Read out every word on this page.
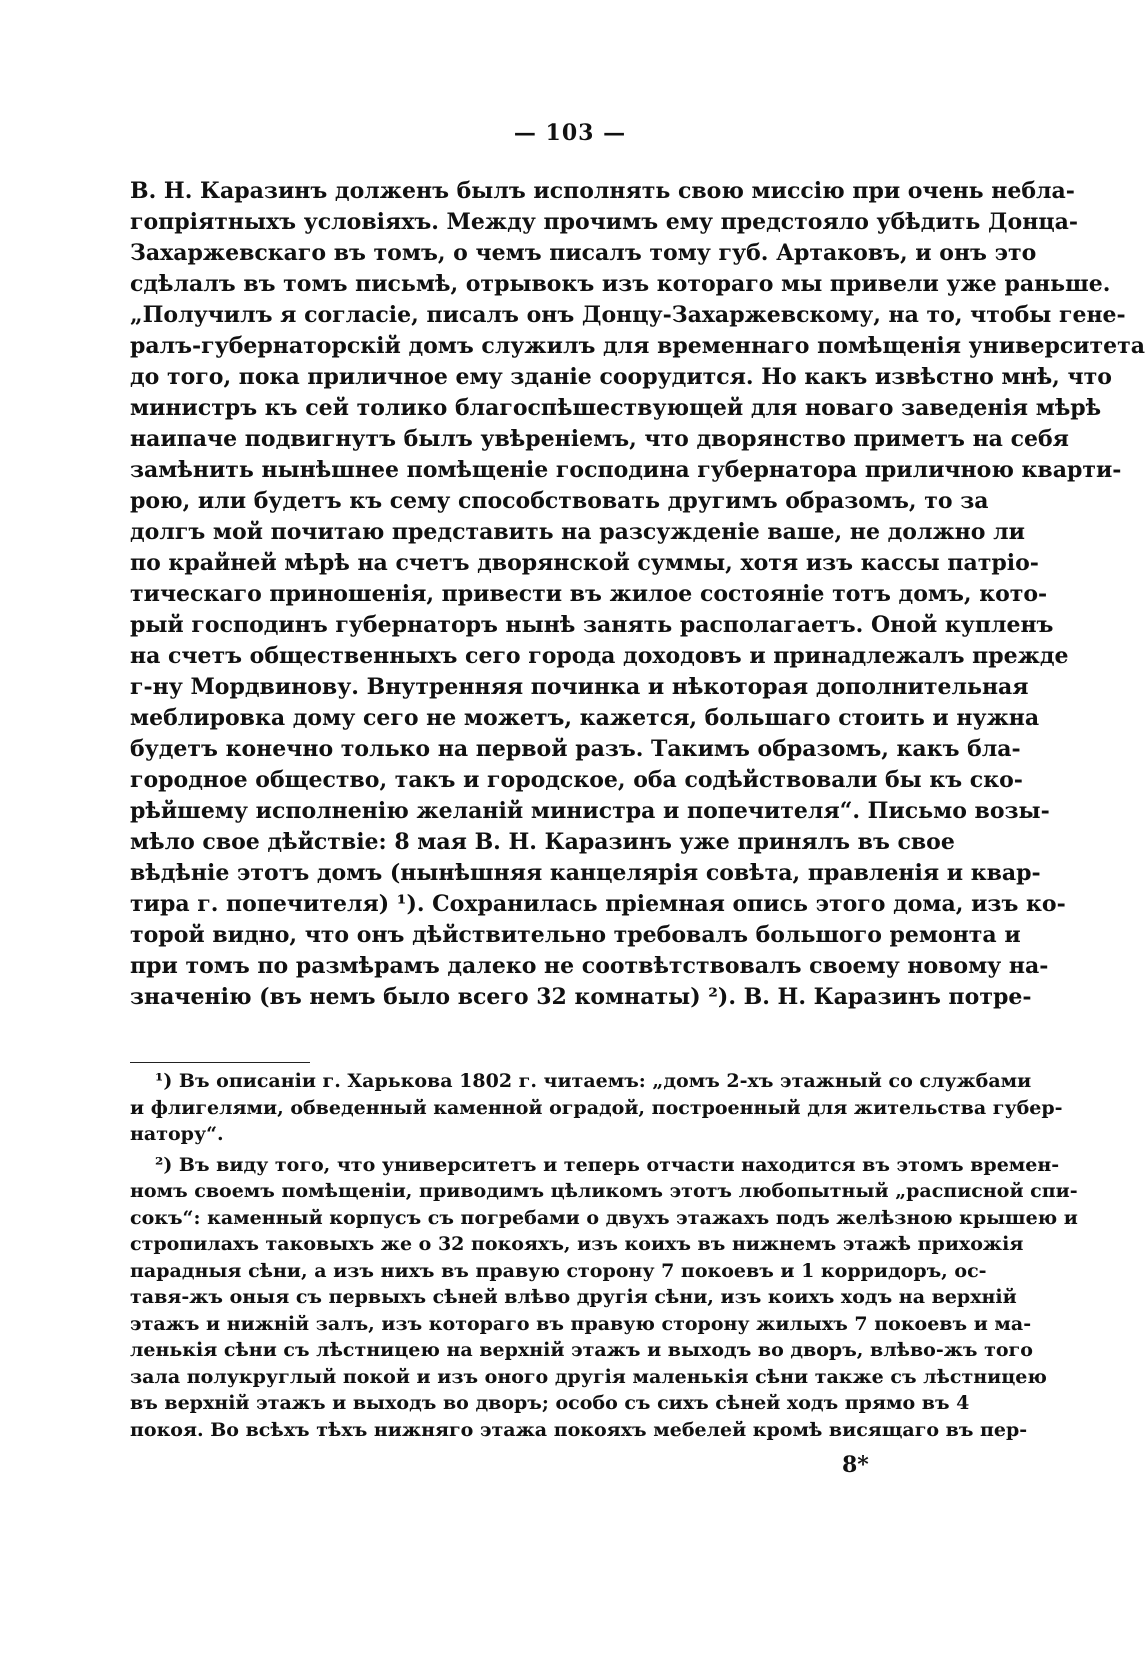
— 103 —
В. Н. Каразинъ долженъ былъ исполнять свою миссію при очень небла-
гопріятныхъ условіяхъ. Между прочимъ ему предстояло убѣдить Донца-
Захаржевскаго въ томъ, о чемъ писалъ тому губ. Артаковъ, и онъ это
сдѣлалъ въ томъ письмѣ, отрывокъ изъ котораго мы привели уже раньше.
„Получилъ я согласіе, писалъ онъ Донцу-Захаржевскому, на то, чтобы гене-
ралъ-губернаторскій домъ служилъ для временнаго помѣщенія университета
до того, пока приличное ему зданіе соорудится. Но какъ извѣстно мнѣ, что
министръ къ сей толико благоспѣшествующей для новаго заведенія мѣрѣ
наипаче подвигнутъ былъ увѣреніемъ, что дворянство приметъ на себя
замѣнить нынѣшнее помѣщеніе господина губернатора приличною кварти-
рою, или будетъ къ сему способствовать другимъ образомъ, то за
долгъ мой почитаю представить на разсужденіе ваше, не должно ли
по крайней мѣрѣ на счетъ дворянской суммы, хотя изъ кассы патріо-
тическаго приношенія, привести въ жилое состояніе тотъ домъ, кото-
рый господинъ губернаторъ нынѣ занять располагаетъ. Оной купленъ
на счетъ общественныхъ сего города доходовъ и принадлежалъ прежде
г-ну Мордвинову. Внутренняя починка и нѣкоторая дополнительная
меблировка дому сего не можетъ, кажется, большаго стоить и нужна
будетъ конечно только на первой разъ. Такимъ образомъ, какъ бла-
городное общество, такъ и городское, оба содѣйствовали бы къ ско-
рѣйшему исполненію желаній министра и попечителя“. Письмо возы-
мѣло свое дѣйствіе: 8 мая В. Н. Каразинъ уже принялъ въ свое
вѣдѣніе этотъ домъ (нынѣшняя канцелярія совѣта, правленія и квар-
тира г. попечителя) ¹). Сохранилась пріемная опись этого дома, изъ ко-
торой видно, что онъ дѣйствительно требовалъ большого ремонта и
при томъ по размѣрамъ далеко не соотвѣтствовалъ своему новому на-
значенію (въ немъ было всего 32 комнаты) ²). В. Н. Каразинъ потре-
¹) Въ описаніи г. Харькова 1802 г. читаемъ: „домъ 2-хъ этажный со службами
и флигелями, обведенный каменной оградой, построенный для жительства губер-
натору“.
²) Въ виду того, что университетъ и теперь отчасти находится въ этомъ времен-
номъ своемъ помѣщеніи, приводимъ цѣликомъ этотъ любопытный „расписной спи-
сокъ“: каменный корпусъ съ погребами о двухъ этажахъ подъ желѣзною крышею и
стропилахъ таковыхъ же о 32 покояхъ, изъ коихъ въ нижнемъ этажѣ прихожія
парадныя сѣни, а изъ нихъ въ правую сторону 7 покоевъ и 1 корридоръ, ос-
тавя-жъ оныя съ первыхъ сѣней влѣво другія сѣни, изъ коихъ ходъ на верхній
этажъ и нижній залъ, изъ котораго въ правую сторону жилыхъ 7 покоевъ и ма-
ленькія сѣни съ лѣстницею на верхній этажъ и выходъ во дворъ, влѣво-жъ того
зала полукруглый покой и изъ оного другія маленькія сѣни также съ лѣстницею
въ верхній этажъ и выходъ во дворъ; особо съ сихъ сѣней ходъ прямо въ 4
покоя. Во всѣхъ тѣхъ нижняго этажа покояхъ мебелей кромѣ висящаго въ пер-
8*
